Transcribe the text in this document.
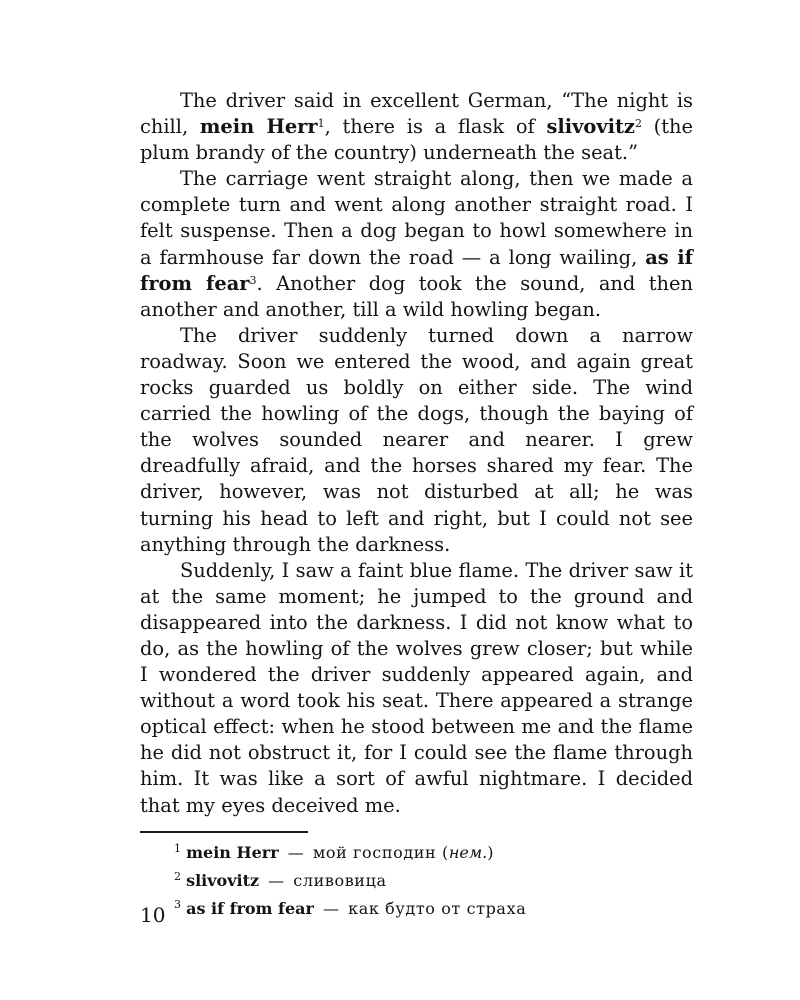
The driver said in excellent German, “The night is chill, mein Herr$^1$, there is a flask of slivovitz$^2$ (the plum brandy of the country) underneath the seat.”

The carriage went straight along, then we made a complete turn and went along another straight road. I felt suspense. Then a dog began to howl somewhere in a farmhouse far down the road — a long wailing, as if from fear$^3$. Another dog took the sound, and then another and another, till a wild howling began.

The driver suddenly turned down a narrow roadway. Soon we entered the wood, and again great rocks guarded us boldly on either side. The wind carried the howling of the dogs, though the baying of the wolves sounded nearer and nearer. I grew dreadfully afraid, and the horses shared my fear. The driver, however, was not disturbed at all; he was turning his head to left and right, but I could not see anything through the darkness.

Suddenly, I saw a faint blue flame. The driver saw it at the same moment; he jumped to the ground and disappeared into the darkness. I did not know what to do, as the howling of the wolves grew closer; but while I wondered the driver suddenly appeared again, and without a word took his seat. There appeared a strange optical effect: when he stood between me and the flame he did not obstruct it, for I could see the flame through him. It was like a sort of awful nightmare. I decided that my eyes deceived me.

$^1$ mein Herr — мой господин (нем.)
$^2$ slivovitz — сливовица
$^3$ as if from fear — как будто от страха
10
